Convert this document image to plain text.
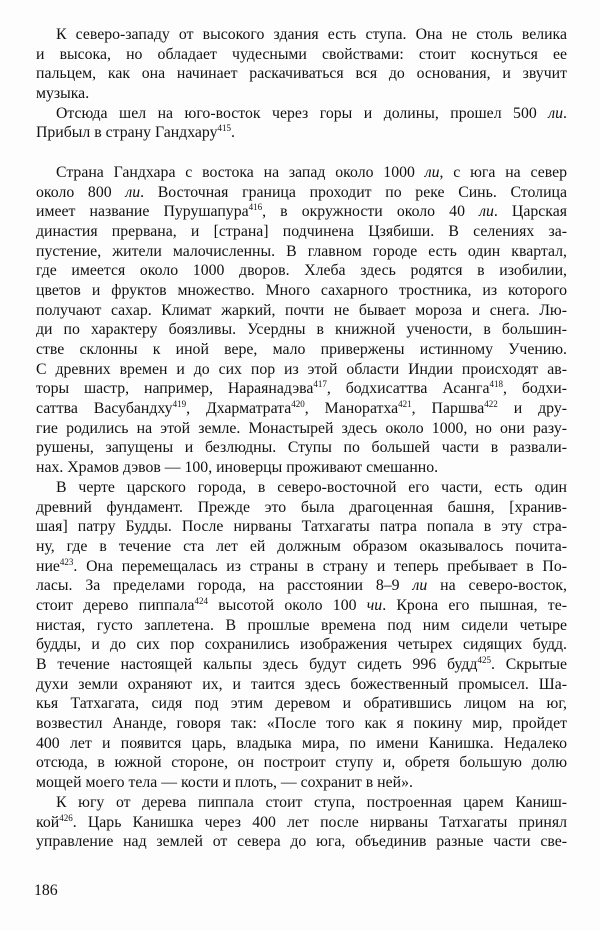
К северо-западу от высокого здания есть ступа. Она не столь велика
и высока, но обладает чудесными свойствами: стоит коснуться ее
пальцем, как она начинает раскачиваться вся до основания, и звучит
музыка.
Отсюда шел на юго-восток через горы и долины, прошел 500 ли.
Прибыл в страну Гандхару$^{415}$.
Страна Гандхара с востока на запад около 1000 ли, с юга на север
около 800 ли. Восточная граница проходит по реке Синь. Столица
имеет название Пурушапура$^{416}$, в окружности около 40 ли. Царская
династия прервана, и [страна] подчинена Цзябиши. В селениях за-
пустение, жители малочисленны. В главном городе есть один квартал,
где имеется около 1000 дворов. Хлеба здесь родятся в изобилии,
цветов и фруктов множество. Много сахарного тростника, из которого
получают сахар. Климат жаркий, почти не бывает мороза и снега. Лю-
ди по характеру боязливы. Усердны в книжной учености, в большин-
стве склонны к иной вере, мало привержены истинному Учению.
С древних времен и до сих пор из этой области Индии происходят ав-
торы шастр, например, Нараянадэва$^{417}$, бодхисаттва Асанга$^{418}$, бодхи-
саттва Васубандху$^{419}$, Дхарматрата$^{420}$, Маноратха$^{421}$, Паршва$^{422}$ и дру-
гие родились на этой земле. Монастырей здесь около 1000, но они разу-
рушены, запущены и безлюдны. Ступы по большей части в развали-
нах. Храмов дэвов — 100, иноверцы проживают смешанно.
В черте царского города, в северо-восточной его части, есть один
древний фундамент. Прежде это была драгоценная башня, [хранив-
шая] патру Будды. После нирваны Татхагаты патра попала в эту стра-
ну, где в течение ста лет ей должным образом оказывалось почита-
ние$^{423}$. Она перемещалась из страны в страну и теперь пребывает в По-
ласы. За пределами города, на расстоянии 8–9 ли на северо-восток,
стоит дерево пиппала$^{424}$ высотой около 100 чи. Крона его пышная, те-
нистая, густо заплетена. В прошлые времена под ним сидели четыре
будды, и до сих пор сохранились изображения четырех сидящих будд.
В течение настоящей кальпы здесь будут сидеть 996 будд$^{425}$. Скрытые
духи земли охраняют их, и таится здесь божественный промысел. Ша-
кья Татхагата, сидя под этим деревом и обратившись лицом на юг,
возвестил Ананде, говоря так: «После того как я покину мир, пройдет
400 лет и появится царь, владыка мира, по имени Канишка. Недалеко
отсюда, в южной стороне, он построит ступу и, обретя большую долю
мощей моего тела — кости и плоть, — сохранит в ней».
К югу от дерева пиппала стоит ступа, построенная царем Каниш-
кой$^{426}$. Царь Канишка через 400 лет после нирваны Татхагаты принял
управление над землей от севера до юга, объединив разные части све-
186
